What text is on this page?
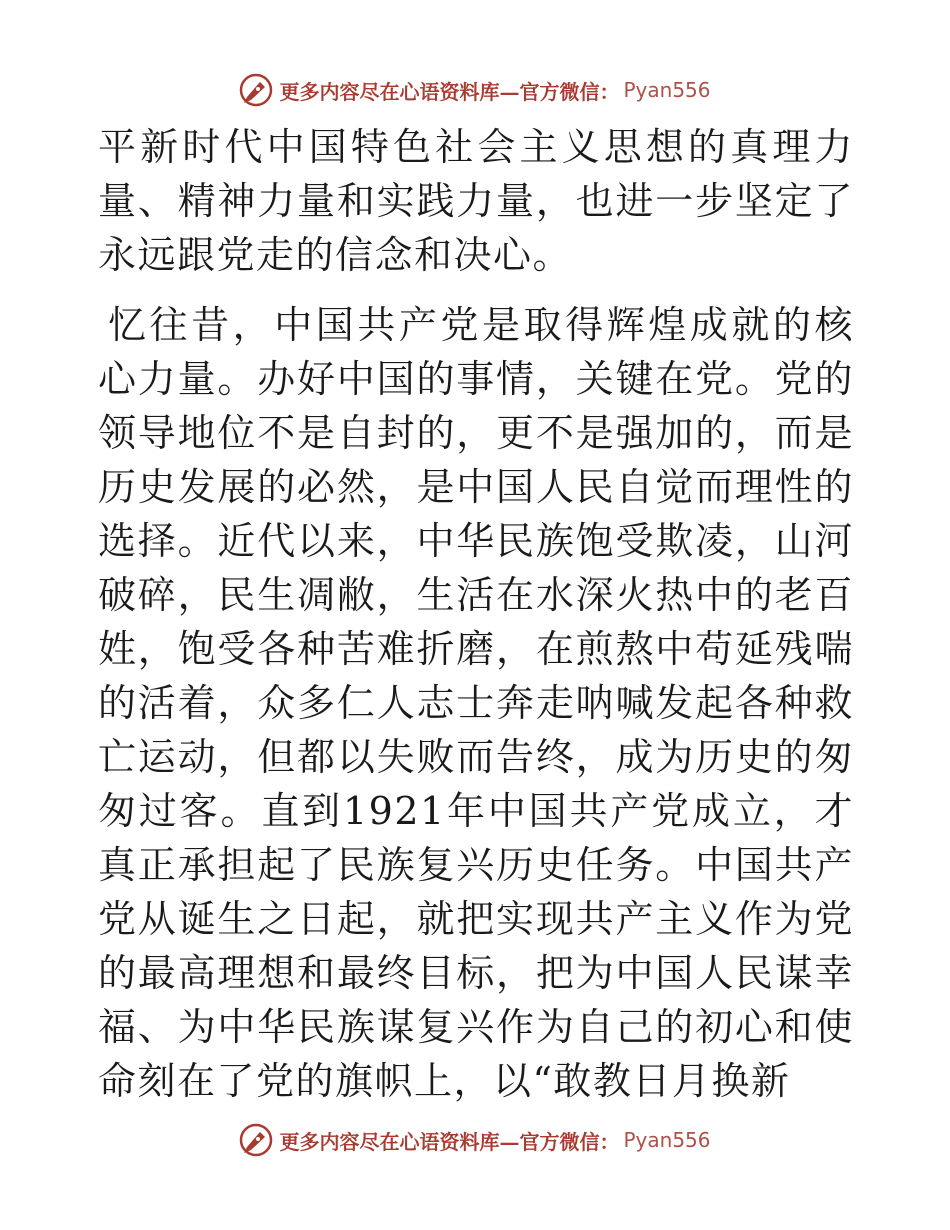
更多内容尽在心语资料库—官方微信： Pyan556

平新时代中国特色社会主义思想的真理力量、精神力量和实践力量，也进一步坚定了永远跟党走的信念和决心。

忆往昔，中国共产党是取得辉煌成就的核心力量。办好中国的事情，关键在党。党的领导地位不是自封的，更不是强加的，而是历史发展的必然，是中国人民自觉而理性的选择。近代以来，中华民族饱受欺凌，山河破碎，民生凋敝，生活在水深火热中的老百姓，饱受各种苦难折磨，在煎熬中苟延残喘的活着，众多仁人志士奔走呐喊发起各种救亡运动，但都以失败而告终，成为历史的匆匆过客。直到1921年中国共产党成立，才真正承担起了民族复兴历史任务。中国共产党从诞生之日起，就把实现共产主义作为党的最高理想和最终目标，把为中国人民谋幸福、为中华民族谋复兴作为自己的初心和使命刻在了党的旗帜上，以“敢教日月换新

更多内容尽在心语资料库—官方微信： Pyan556
